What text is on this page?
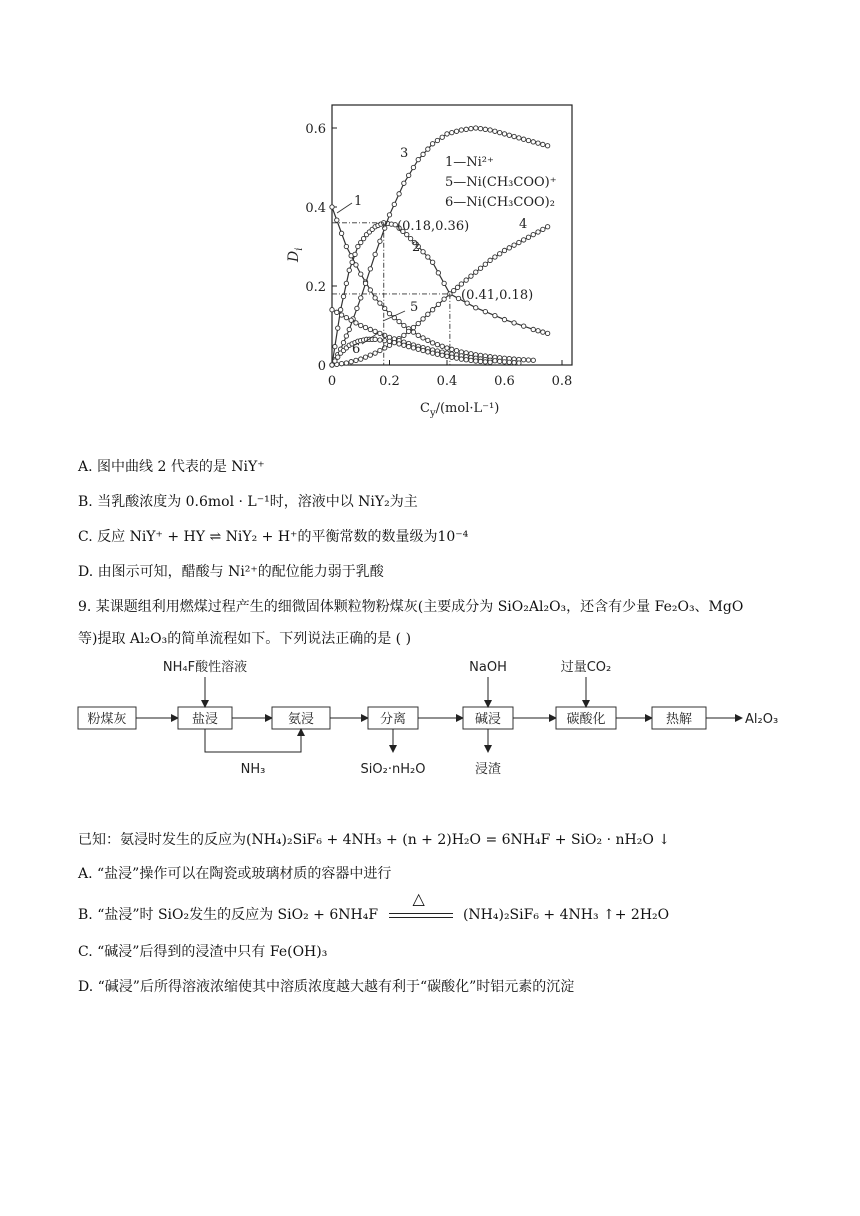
0
0.2
0.4
0.6
0	0.2	0.4	0.6	0.8
$D_i$
$C_y/(mol\cdot L^{-1})$
1
2
3
4
5
6
(0.18,0.36)
(0.41,0.18)
1—Ni²⁺
5—Ni(CH₃COO)⁺
6—Ni(CH₃COO)₂
A. 图中曲线 2 代表的是 NiY⁺
B. 当乳酸浓度为 0.6mol · L⁻¹时，溶液中以 NiY₂为主
C. 反应 NiY⁺ + HY ⇌ NiY₂ + H⁺的平衡常数的数量级为10⁻⁴
D. 由图示可知，醋酸与 Ni²⁺的配位能力弱于乳酸
9. 某课题组利用燃煤过程产生的细微固体颗粒物粉煤灰(主要成分为 SiO₂Al₂O₃，还含有少量 Fe₂O₃、MgO
等)提取 Al₂O₃的简单流程如下。下列说法正确的是 ( )
粉煤灰	盐浸	氨浸	分离	碱浸	碳酸化	热解	Al₂O₃
NH₄F酸性溶液	NaOH	过量CO₂
NH₃	SiO₂·nH₂O	浸渣
已知：氨浸时发生的反应为(NH₄)₂SiF₆ + 4NH₃ + (n + 2)H₂O = 6NH₄F + SiO₂ · nH₂O ↓
A. “盐浸”操作可以在陶瓷或玻璃材质的容器中进行
B. “盐浸”时 SiO₂发生的反应为 SiO₂ + 6NH₄F
△
(NH₄)₂SiF₆ + 4NH₃ ↑+ 2H₂O
C. “碱浸”后得到的浸渣中只有 Fe(OH)₃
D. “碱浸”后所得溶液浓缩使其中溶质浓度越大越有利于“碳酸化”时铝元素的沉淀
